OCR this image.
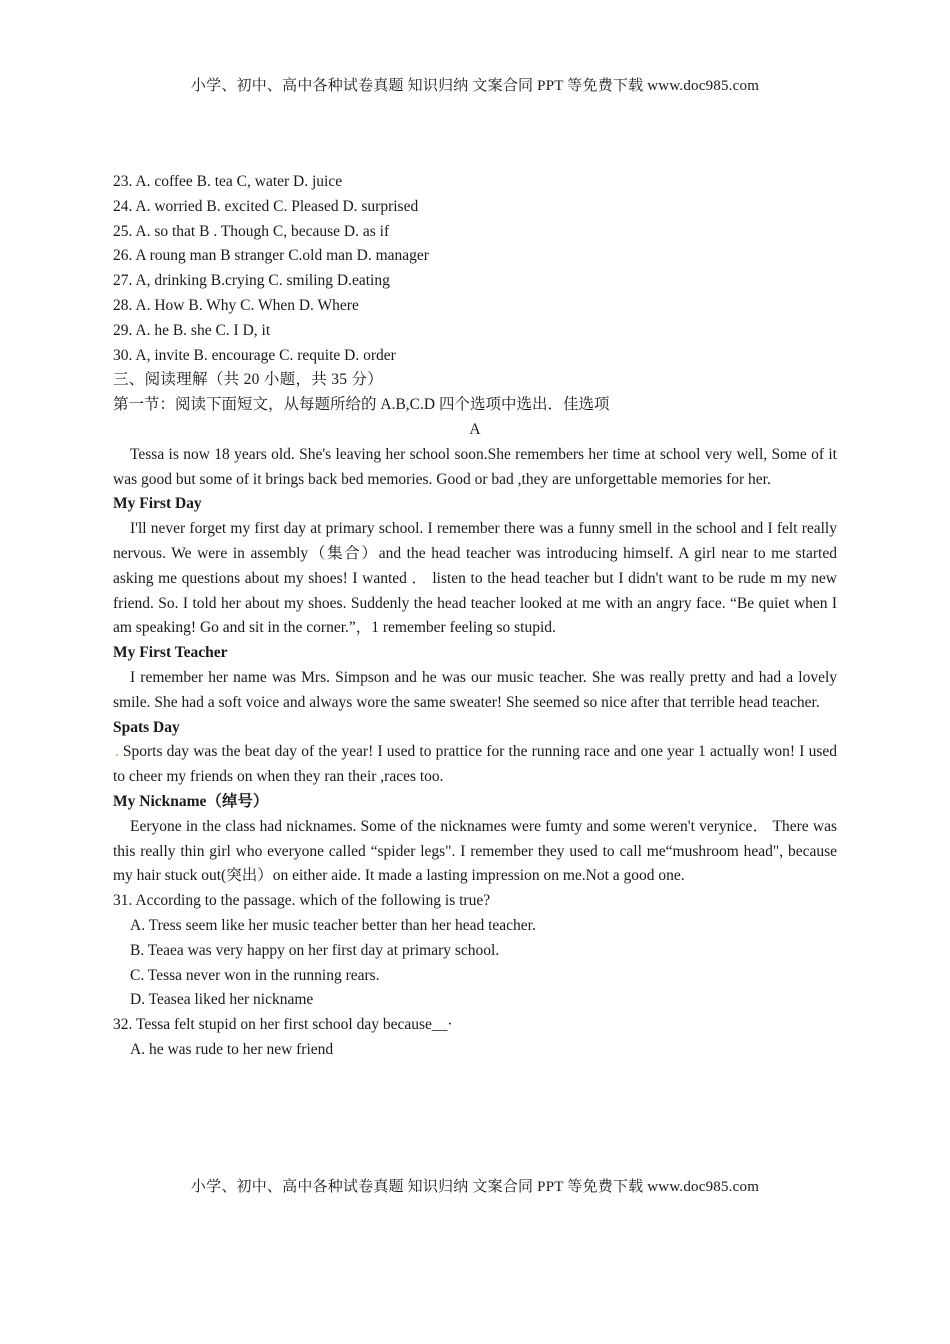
小学、初中、高中各种试卷真题 知识归纳 文案合同 PPT 等免费下载 www.doc985.com
23. A. coffee B. tea C, water D. juice
24. A. worried B. excited C. Pleased D. surprised
25. A. so that B . Though C, because D. as if
26. A roung man B stranger C.old man D. manager
27. A, drinking B.crying C. smiling D.eating
28. A. How B. Why C. When D. Where
29. A. he B. she C. I D, it
30. A, invite B. encourage C. requite D. order
三、阅读理解（共 20 小题，共 35 分）
第一节：阅读下面短文，从每题所给的 A.B,C.D 四个选项中选出．佳选项
A
Tessa is now 18 years old. She's leaving her school soon.She remembers her time at school very well, Some of it was good but some of it brings back bed memories. Good or bad ,they are unforgettable memories for her.
My First Day
I'll never forget my first day at primary school. I remember there was a funny smell in the school and I felt really nervous. We were in assembly（集合）and the head teacher was introducing himself. A girl near to me started asking me questions about my shoes! I wanted ． listen to the head teacher but I didn't want to be rude m my new friend. So. I told her about my shoes. Suddenly the head teacher looked at me with an angry face. “Be quiet when I am speaking! Go and sit in the corner.”，1 remember feeling so stupid.
My First Teacher
I remember her name was Mrs. Simpson and he was our music teacher. She was really pretty and had a lovely smile. She had a soft voice and always wore the same sweater! She seemed so nice after that terrible head teacher.
Spats Day
. Sports day was the beat day of the year! I used to prattice for the running race and one year 1 actually won! I used to cheer my friends on when they ran their ,races too.
My Nickname（绰号）
Eeryone in the class had nicknames. Some of the nicknames were fumty and some weren't verynice． There was this really thin girl who everyone called “spider legs". I remember they used to call me“mushroom head", because my hair stuck out(突出）on either aide. It made a lasting impression on me.Not a good one.
31. According to the passage. which of the following is true?
A. Tress seem like her music teacher better than her head teacher.
B. Teaea was very happy on her first day at primary school.
C. Tessa never won in the running rears.
D. Teasea liked her nickname
32. Tessa felt stupid on her first school day because__·
A. he was rude to her new friend
小学、初中、高中各种试卷真题 知识归纳 文案合同 PPT 等免费下载 www.doc985.com
